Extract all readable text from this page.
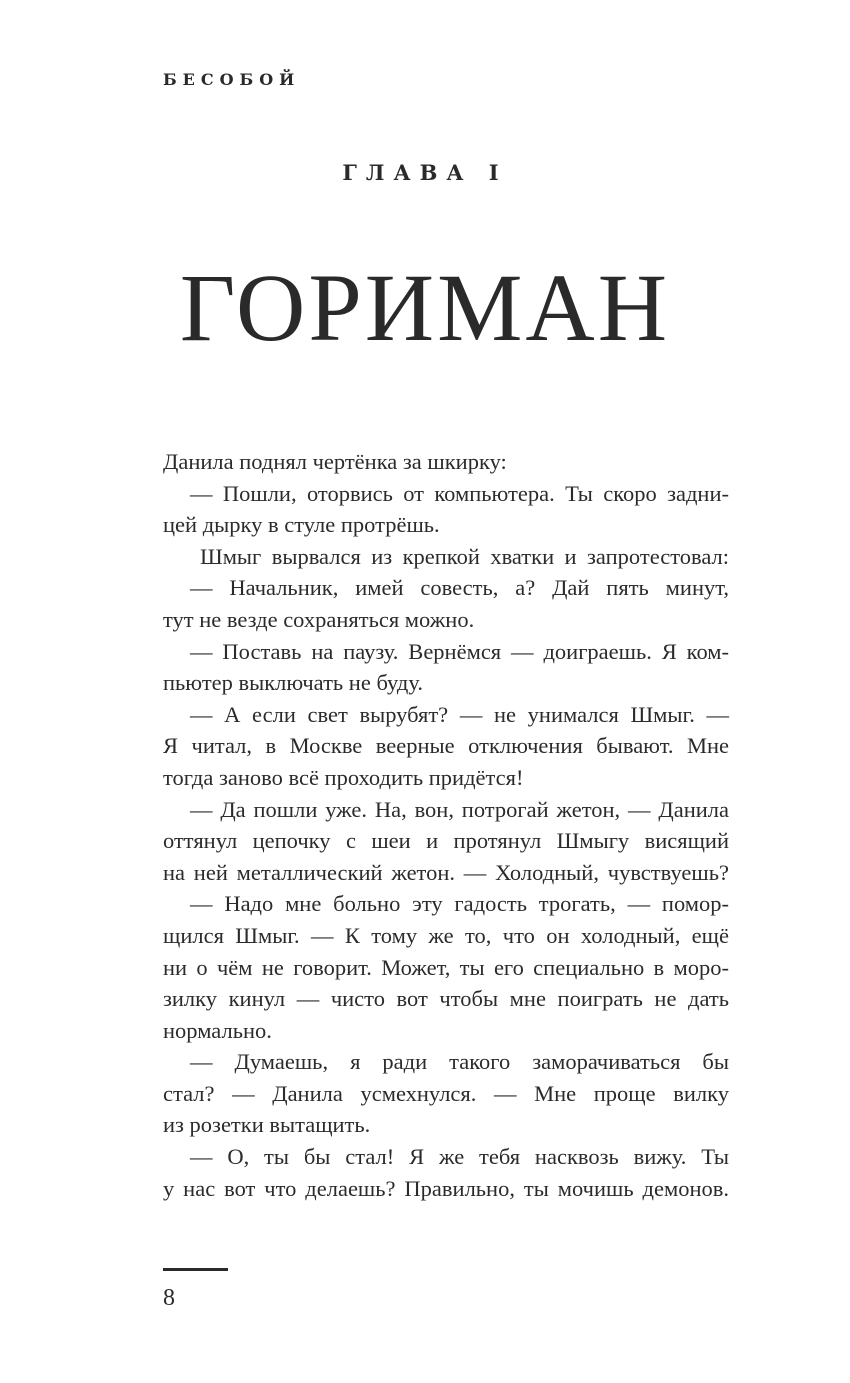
БЕСОБОЙ
ГЛАВА I
ГОРИМАН
Данила поднял чертёнка за шкирку:
— Пошли, оторвись от компьютера. Ты скоро задни-
цей дырку в стуле протрёшь.
Шмыг вырвался из крепкой хватки и запротестовал:
— Начальник, имей совесть, а? Дай пять минут,
тут не везде сохраняться можно.
— Поставь на паузу. Вернёмся — доиграешь. Я ком-
пьютер выключать не буду.
— А если свет вырубят? — не унимался Шмыг. —
Я читал, в Москве веерные отключения бывают. Мне
тогда заново всё проходить придётся!
— Да пошли уже. На, вон, потрогай жетон, — Данила
оттянул цепочку с шеи и протянул Шмыгу висящий
на ней металлический жетон. — Холодный, чувствуешь?
— Надо мне больно эту гадость трогать, — помор-
щился Шмыг. — К тому же то, что он холодный, ещё
ни о чём не говорит. Может, ты его специально в моро-
зилку кинул — чисто вот чтобы мне поиграть не дать
нормально.
— Думаешь, я ради такого заморачиваться бы
стал? — Данила усмехнулся. — Мне проще вилку
из розетки вытащить.
— О, ты бы стал! Я же тебя насквозь вижу. Ты
у нас вот что делаешь? Правильно, ты мочишь демонов.
8
